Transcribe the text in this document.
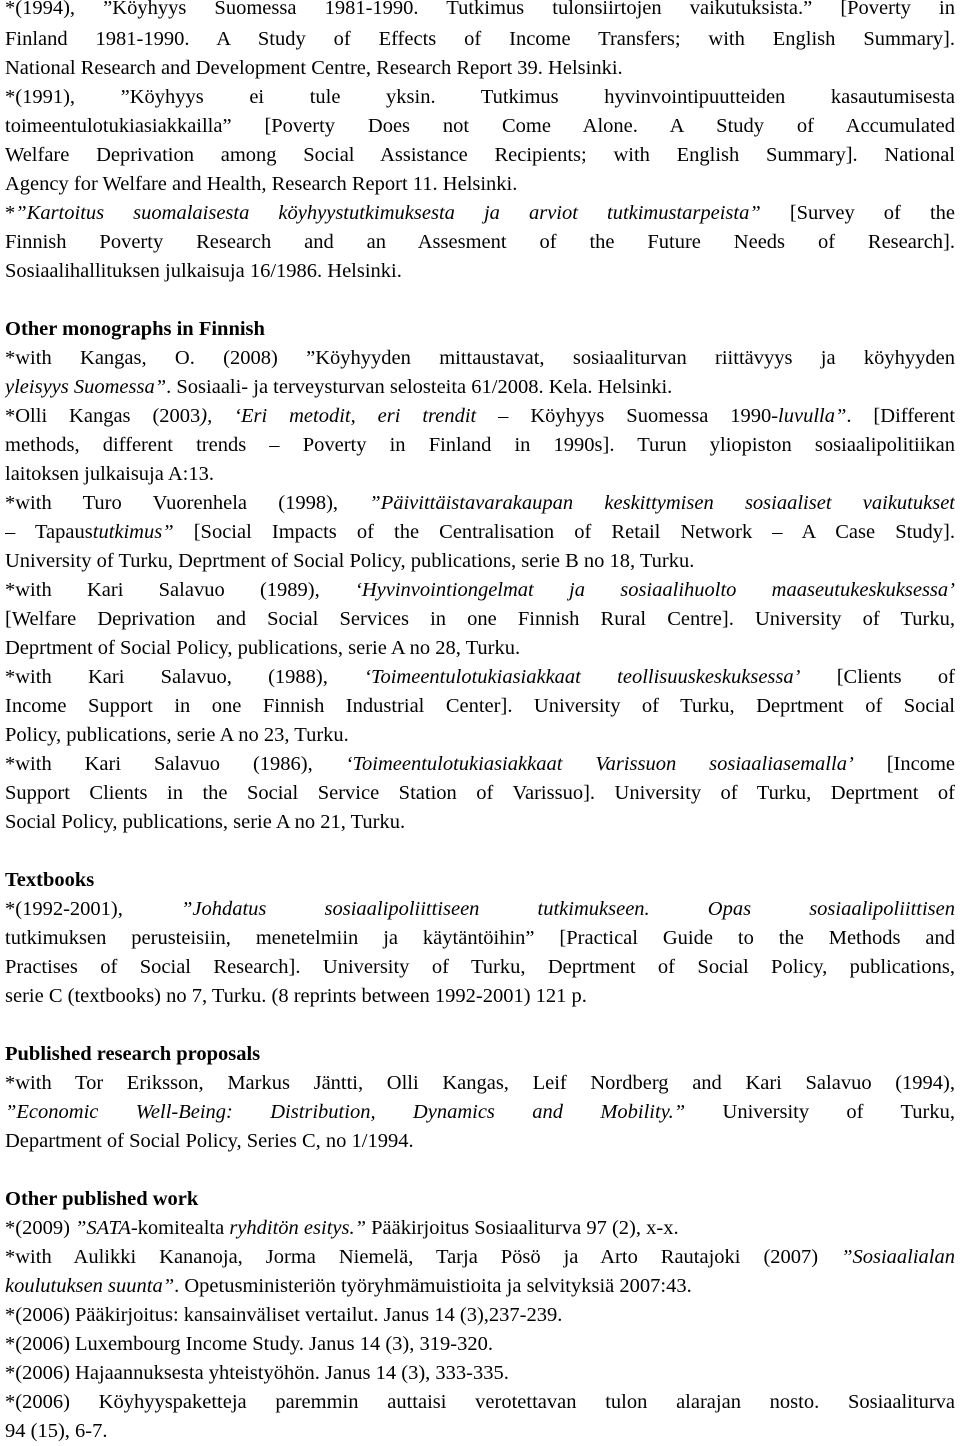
*(1994), ”Köyhyys Suomessa 1981-1990. Tutkimus tulonsiirtojen vaikutuksista.” [Poverty in
Finland 1981-1990. A Study of Effects of Income Transfers; with English Summary].
National Research and Development Centre, Research Report 39. Helsinki.
*(1991), ”Köyhyys ei tule yksin. Tutkimus hyvinvointipuutteiden kasautumisesta
toimeentulotukiasiakkailla” [Poverty Does not Come Alone. A Study of Accumulated
Welfare Deprivation among Social Assistance Recipients; with English Summary]. National
Agency for Welfare and Health, Research Report 11. Helsinki.
*”Kartoitus suomalaisesta köyhyystutkimuksesta ja arviot tutkimustarpeista” [Survey of the
Finnish Poverty Research and an Assesment of the Future Needs of Research].
Sosiaalihallituksen julkaisuja 16/1986. Helsinki.
Other monographs in Finnish
*with Kangas, O. (2008) ”Köyhyyden mittaustavat, sosiaaliturvan riittävyys ja köyhyyden
yleisyys Suomessa”. Sosiaali- ja terveysturvan selosteita 61/2008. Kela. Helsinki.
*Olli Kangas (2003), ‘Eri metodit, eri trendit – Köyhyys Suomessa 1990-luvulla”. [Different
methods, different trends – Poverty in Finland in 1990s]. Turun yliopiston sosiaalipolitiikan
laitoksen julkaisuja A:13.
*with Turo Vuorenhela (1998), ”Päivittäistavarakaupan keskittymisen sosiaaliset vaikutukset
– Tapaustutkimus” [Social Impacts of the Centralisation of Retail Network – A Case Study].
University of Turku, Deprtment of Social Policy, publications, serie B no 18, Turku.
*with Kari Salavuo (1989), ‘Hyvinvointiongelmat ja sosiaalihuolto maaseutukeskuksessa’
[Welfare Deprivation and Social Services in one Finnish Rural Centre]. University of Turku,
Deprtment of Social Policy, publications, serie A no 28, Turku.
*with Kari Salavuo, (1988), ‘Toimeentulotukiasiakkaat teollisuuskeskuksessa’ [Clients of
Income Support in one Finnish Industrial Center]. University of Turku, Deprtment of Social
Policy, publications, serie A no 23, Turku.
*with Kari Salavuo (1986), ‘Toimeentulotukiasiakkaat Varissuon sosiaaliasemalla’ [Income
Support Clients in the Social Service Station of Varissuo]. University of Turku, Deprtment of
Social Policy, publications, serie A no 21, Turku.
Textbooks
*(1992-2001), ”Johdatus sosiaalipoliittiseen tutkimukseen. Opas sosiaalipoliittisen
tutkimuksen perusteisiin, menetelmiin ja käytäntöihin” [Practical Guide to the Methods and
Practises of Social Research]. University of Turku, Deprtment of Social Policy, publications,
serie C (textbooks) no 7, Turku. (8 reprints between 1992-2001) 121 p.
Published research proposals
*with Tor Eriksson, Markus Jäntti, Olli Kangas, Leif Nordberg and Kari Salavuo (1994),
”Economic Well-Being: Distribution, Dynamics and Mobility.” University of Turku,
Department of Social Policy, Series C, no 1/1994.
Other published work
*(2009) ”SATA-komitealta ryhditön esitys.” Pääkirjoitus Sosiaaliturva 97 (2), x-x.
*with Aulikki Kananoja, Jorma Niemelä, Tarja Pösö ja Arto Rautajoki (2007) ”Sosiaalialan
koulutuksen suunta”. Opetusministeriön työryhmämuistioita ja selvityksiä 2007:43.
*(2006) Pääkirjoitus: kansainväliset vertailut. Janus 14 (3),237-239.
*(2006) Luxembourg Income Study. Janus 14 (3), 319-320.
*(2006) Hajaannuksesta yhteistyöhön. Janus 14 (3), 333-335.
*(2006) Köyhyyspaketteja paremmin auttaisi verotettavan tulon alarajan nosto. Sosiaaliturva
94 (15), 6-7.
